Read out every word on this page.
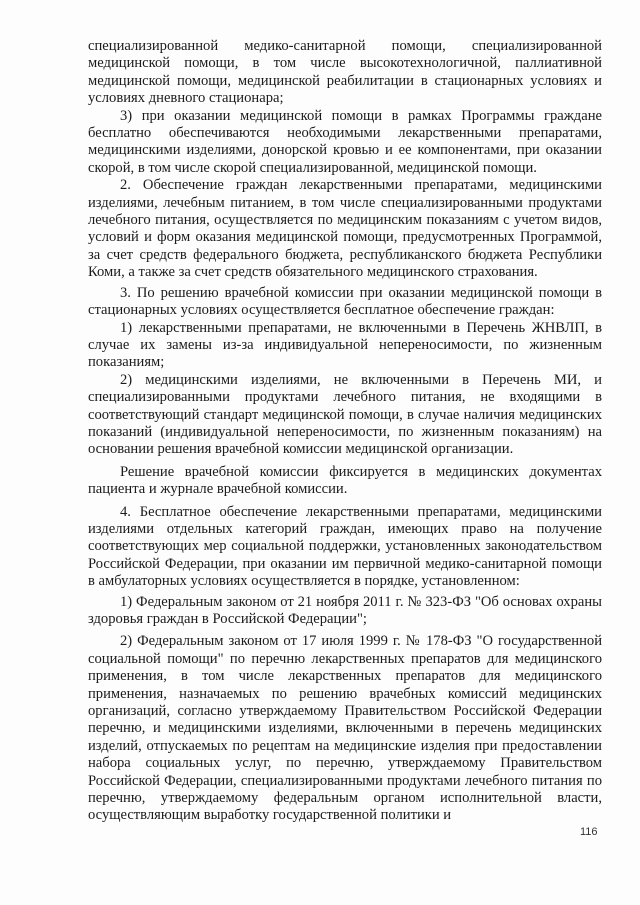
специализированной медико-санитарной помощи, специализированной медицинской помощи, в том числе высокотехнологичной, паллиативной медицинской помощи, медицинской реабилитации в стационарных условиях и условиях дневного стационара;

3) при оказании медицинской помощи в рамках Программы граждане бесплатно обеспечиваются необходимыми лекарственными препаратами, медицинскими изделиями, донорской кровью и ее компонентами, при оказании скорой, в том числе скорой специализированной, медицинской помощи.

2. Обеспечение граждан лекарственными препаратами, медицинскими изделиями, лечебным питанием, в том числе специализированными продуктами лечебного питания, осуществляется по медицинским показаниям с учетом видов, условий и форм оказания медицинской помощи, предусмотренных Программой, за счет средств федерального бюджета, республиканского бюджета Республики Коми, а также за счет средств обязательного медицинского страхования.

3. По решению врачебной комиссии при оказании медицинской помощи в стационарных условиях осуществляется бесплатное обеспечение граждан:

1) лекарственными препаратами, не включенными в Перечень ЖНВЛП, в случае их замены из-за индивидуальной непереносимости, по жизненным показаниям;

2) медицинскими изделиями, не включенными в Перечень МИ, и специализированными продуктами лечебного питания, не входящими в соответствующий стандарт медицинской помощи, в случае наличия медицинских показаний (индивидуальной непереносимости, по жизненным показаниям) на основании решения врачебной комиссии медицинской организации.

Решение врачебной комиссии фиксируется в медицинских документах пациента и журнале врачебной комиссии.

4. Бесплатное обеспечение лекарственными препаратами, медицинскими изделиями отдельных категорий граждан, имеющих право на получение соответствующих мер социальной поддержки, установленных законодательством Российской Федерации, при оказании им первичной медико-санитарной помощи в амбулаторных условиях осуществляется в порядке, установленном:

1) Федеральным законом от 21 ноября 2011 г. № 323-ФЗ "Об основах охраны здоровья граждан в Российской Федерации";

2) Федеральным законом от 17 июля 1999 г. № 178-ФЗ "О государственной социальной помощи" по перечню лекарственных препаратов для медицинского применения, в том числе лекарственных препаратов для медицинского применения, назначаемых по решению врачебных комиссий медицинских организаций, согласно утверждаемому Правительством Российской Федерации перечню, и медицинскими изделиями, включенными в перечень медицинских изделий, отпускаемых по рецептам на медицинские изделия при предоставлении набора социальных услуг, по перечню, утверждаемому Правительством Российской Федерации, специализированными продуктами лечебного питания по перечню, утверждаемому федеральным органом исполнительной власти, осуществляющим выработку государственной политики и

116
